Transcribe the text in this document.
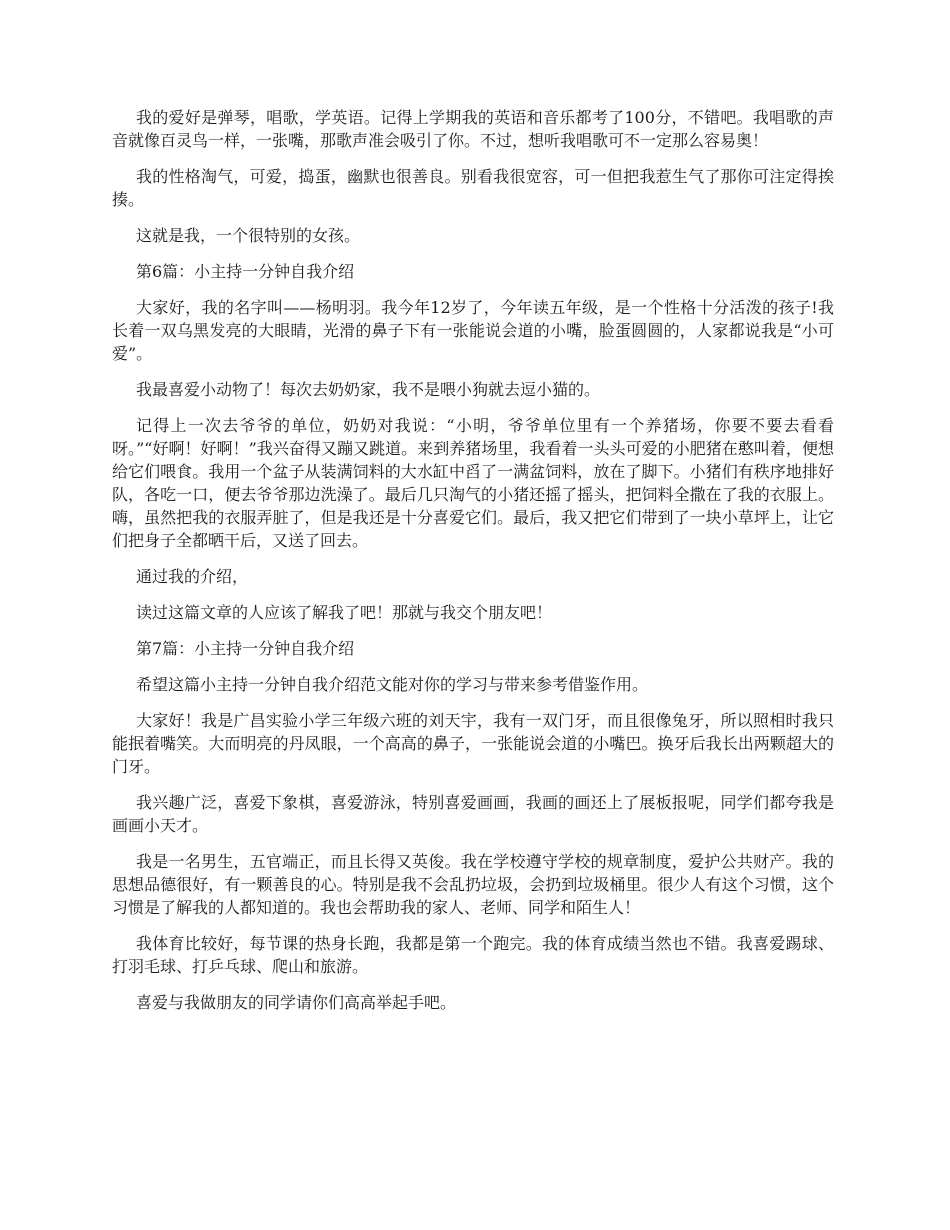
我的爱好是弹琴，唱歌，学英语。记得上学期我的英语和音乐都考了100分，不错吧。我唱歌的声音就像百灵鸟一样，一张嘴，那歌声准会吸引了你。不过，想听我唱歌可不一定那么容易奥！

我的性格淘气，可爱，捣蛋，幽默也很善良。别看我很宽容，可一但把我惹生气了那你可注定得挨揍。

这就是我，一个很特别的女孩。

第6篇：小主持一分钟自我介绍

大家好，我的名字叫——杨明羽。我今年12岁了，今年读五年级，是一个性格十分活泼的孩子!我长着一双乌黑发亮的大眼睛，光滑的鼻子下有一张能说会道的小嘴，脸蛋圆圆的，人家都说我是“小可爱”。

我最喜爱小动物了！每次去奶奶家，我不是喂小狗就去逗小猫的。

记得上一次去爷爷的单位，奶奶对我说：“小明，爷爷单位里有一个养猪场，你要不要去看看呀。”“好啊！好啊！”我兴奋得又蹦又跳道。来到养猪场里，我看着一头头可爱的小肥猪在憨叫着，便想给它们喂食。我用一个盆子从装满饲料的大水缸中舀了一满盆饲料，放在了脚下。小猪们有秩序地排好队，各吃一口，便去爷爷那边洗澡了。最后几只淘气的小猪还摇了摇头，把饲料全撒在了我的衣服上。嗨，虽然把我的衣服弄脏了，但是我还是十分喜爱它们。最后，我又把它们带到了一块小草坪上，让它们把身子全都晒干后，又送了回去。

通过我的介绍，

读过这篇文章的人应该了解我了吧！那就与我交个朋友吧！

第7篇：小主持一分钟自我介绍

希望这篇小主持一分钟自我介绍范文能对你的学习与带来参考借鉴作用。

大家好！我是广昌实验小学三年级六班的刘天宇，我有一双门牙，而且很像兔牙，所以照相时我只能抿着嘴笑。大而明亮的丹凤眼，一个高高的鼻子，一张能说会道的小嘴巴。换牙后我长出两颗超大的门牙。

我兴趣广泛，喜爱下象棋，喜爱游泳，特别喜爱画画，我画的画还上了展板报呢，同学们都夸我是画画小天才。

我是一名男生，五官端正，而且长得又英俊。我在学校遵守学校的规章制度，爱护公共财产。我的思想品德很好，有一颗善良的心。特别是我不会乱扔垃圾，会扔到垃圾桶里。很少人有这个习惯，这个习惯是了解我的人都知道的。我也会帮助我的家人、老师、同学和陌生人！

我体育比较好，每节课的热身长跑，我都是第一个跑完。我的体育成绩当然也不错。我喜爱踢球、打羽毛球、打乒乓球、爬山和旅游。

喜爱与我做朋友的同学请你们高高举起手吧。
